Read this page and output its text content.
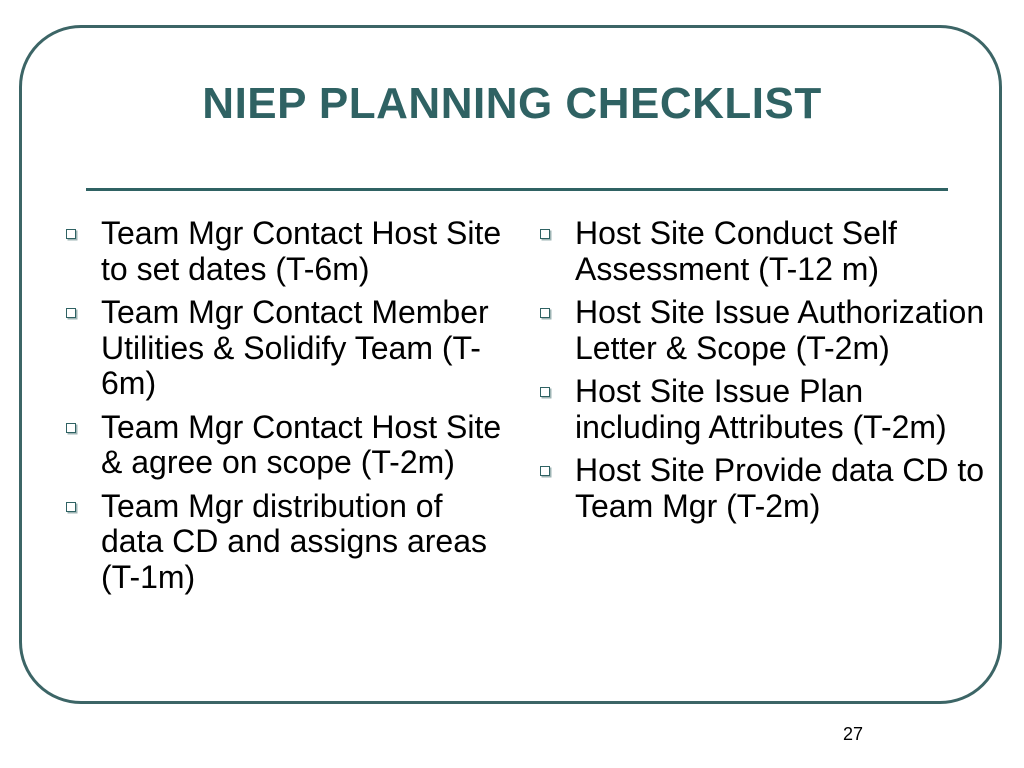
NIEP PLANNING CHECKLIST
Team Mgr Contact Host Site to set dates (T-6m)
Team Mgr Contact Member Utilities & Solidify Team (T-6m)
Team Mgr Contact Host Site & agree on scope (T-2m)
Team Mgr distribution of data CD and assigns areas (T-1m)
Host Site Conduct Self Assessment (T-12 m)
Host Site Issue Authorization Letter & Scope (T-2m)
Host Site Issue Plan including Attributes (T-2m)
Host Site Provide data CD to Team Mgr (T-2m)
27
